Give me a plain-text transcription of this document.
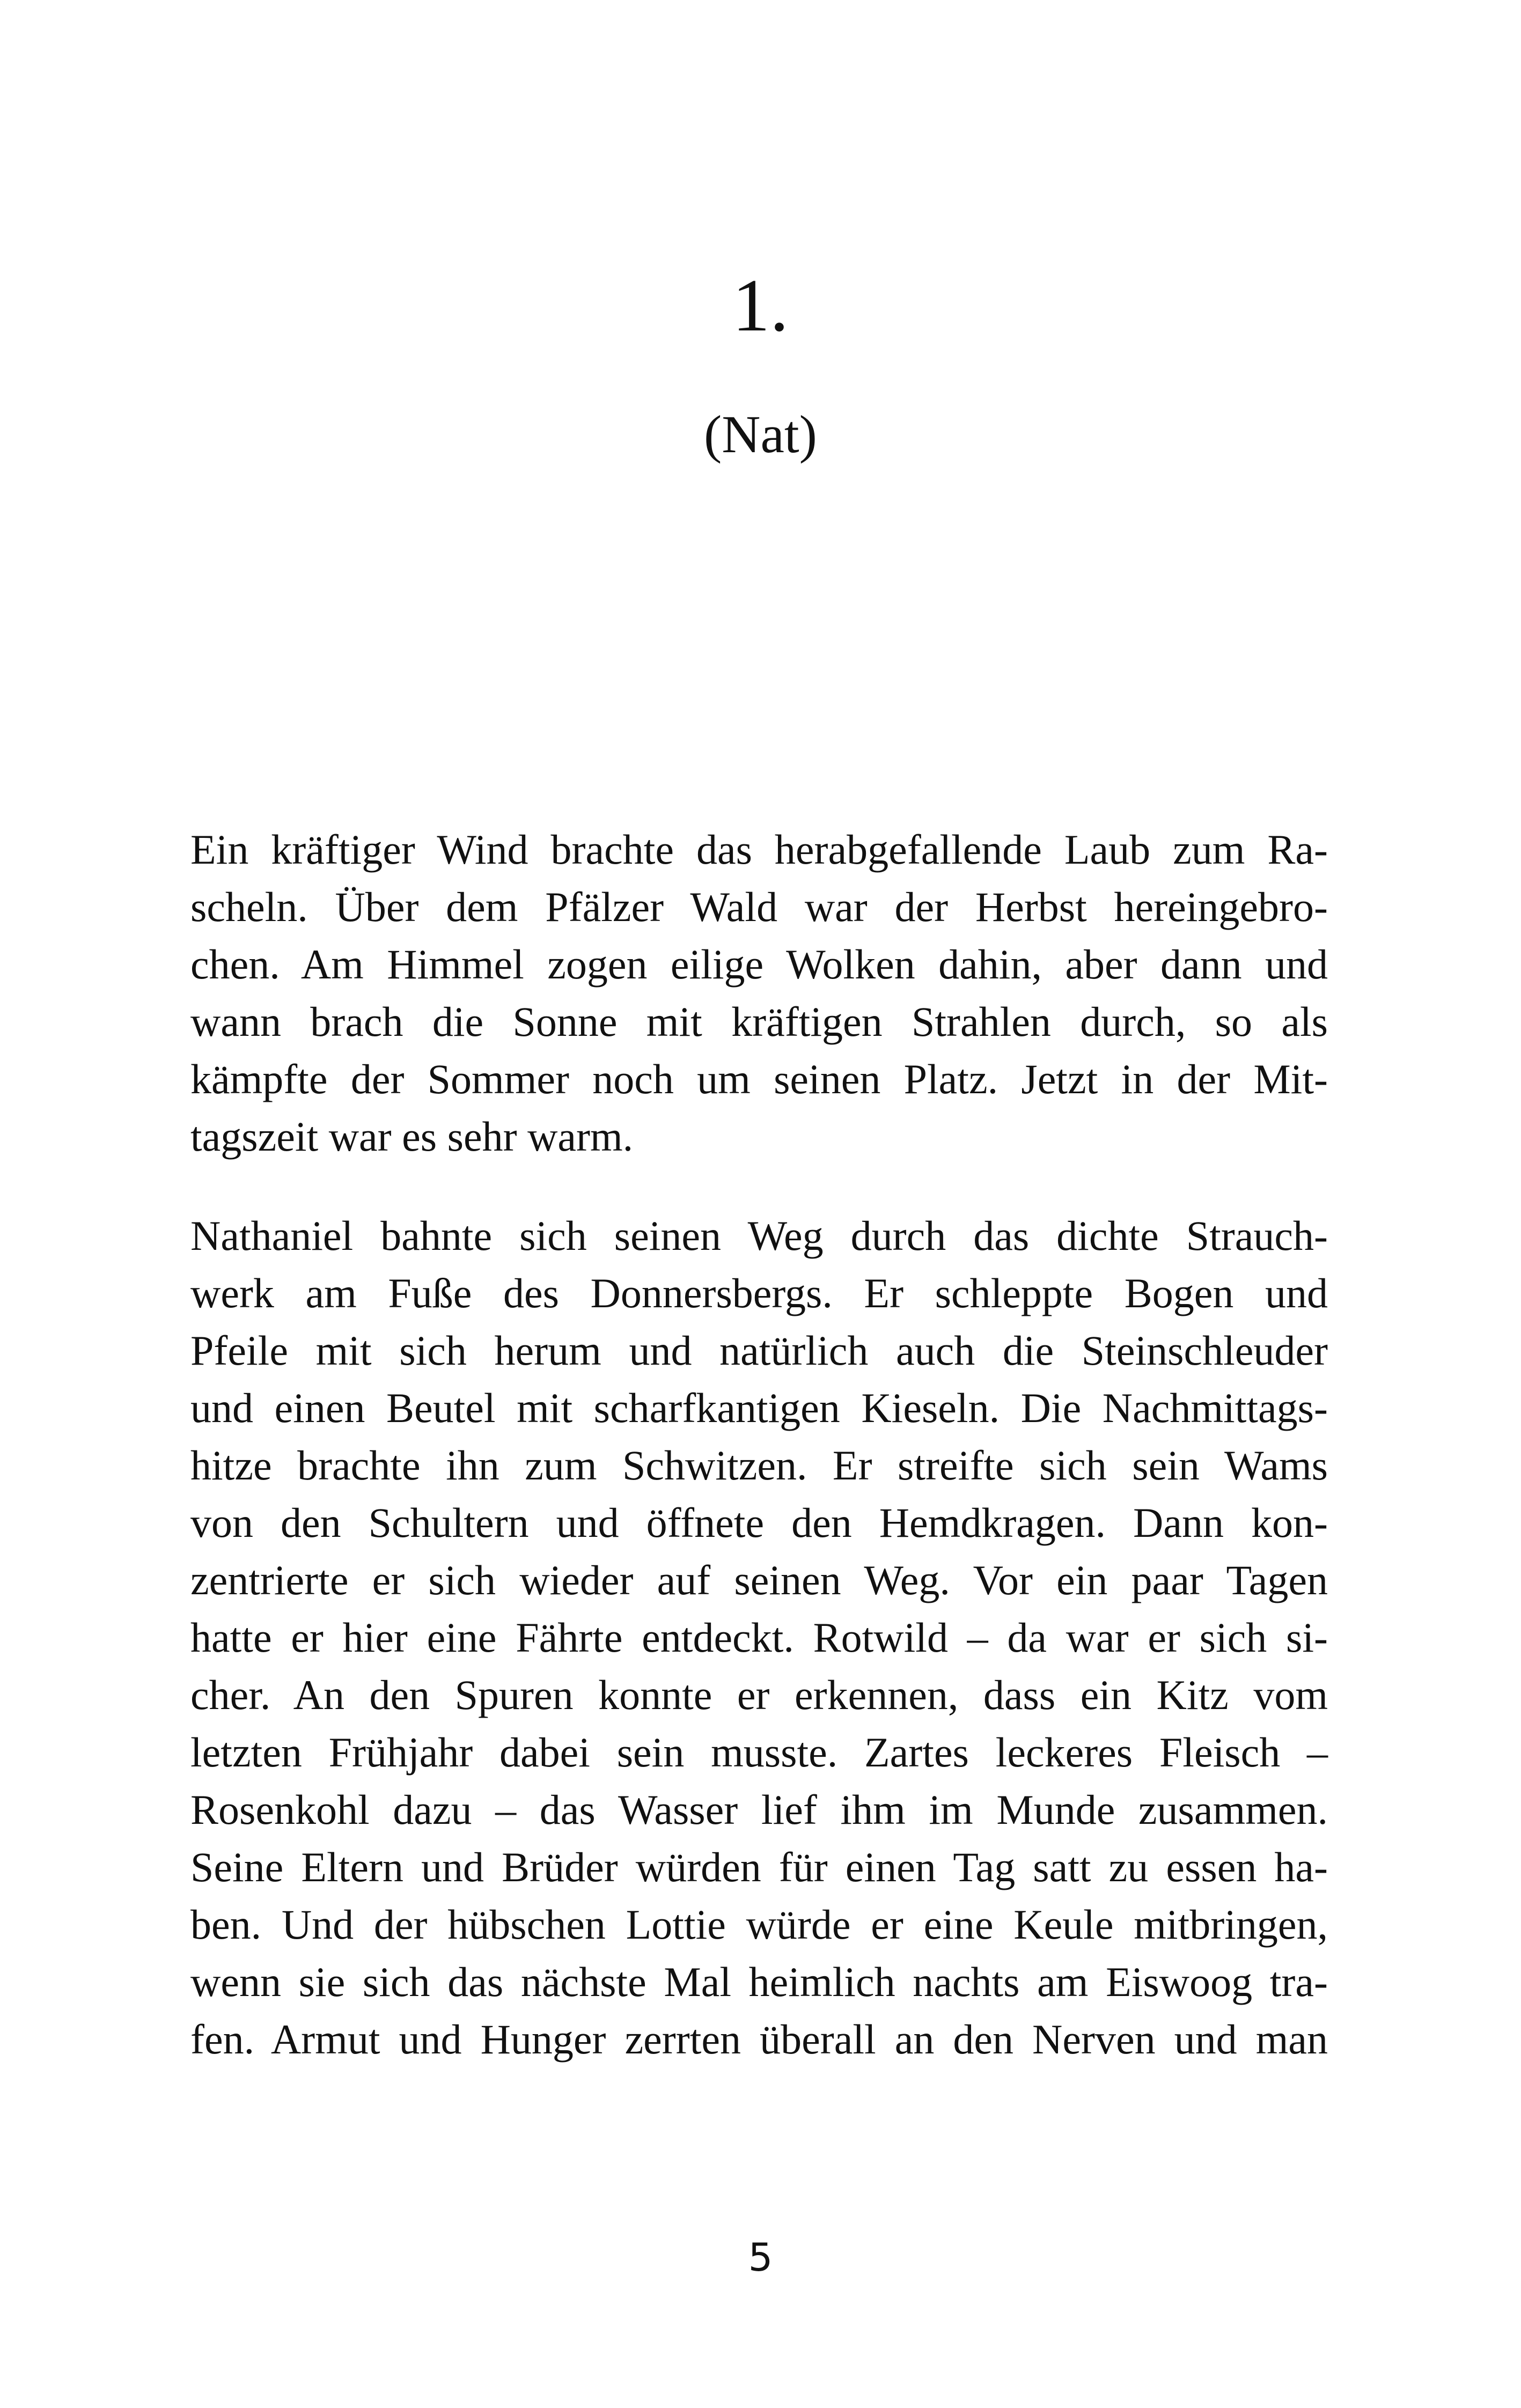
1.
(Nat)
Ein kräftiger Wind brachte das herabgefallende Laub zum Ra-
scheln. Über dem Pfälzer Wald war der Herbst hereingebro-
chen. Am Himmel zogen eilige Wolken dahin, aber dann und
wann brach die Sonne mit kräftigen Strahlen durch, so als
kämpfte der Sommer noch um seinen Platz. Jetzt in der Mit-
tagszeit war es sehr warm.
Nathaniel bahnte sich seinen Weg durch das dichte Strauch-
werk am Fuße des Donnersbergs. Er schleppte Bogen und
Pfeile mit sich herum und natürlich auch die Steinschleuder
und einen Beutel mit scharfkantigen Kieseln. Die Nachmittags-
hitze brachte ihn zum Schwitzen. Er streifte sich sein Wams
von den Schultern und öffnete den Hemdkragen. Dann kon-
zentrierte er sich wieder auf seinen Weg. Vor ein paar Tagen
hatte er hier eine Fährte entdeckt. Rotwild – da war er sich si-
cher. An den Spuren konnte er erkennen, dass ein Kitz vom
letzten Frühjahr dabei sein musste. Zartes leckeres Fleisch –
Rosenkohl dazu – das Wasser lief ihm im Munde zusammen.
Seine Eltern und Brüder würden für einen Tag satt zu essen ha-
ben. Und der hübschen Lottie würde er eine Keule mitbringen,
wenn sie sich das nächste Mal heimlich nachts am Eiswoog tra-
fen. Armut und Hunger zerrten überall an den Nerven und man
5
